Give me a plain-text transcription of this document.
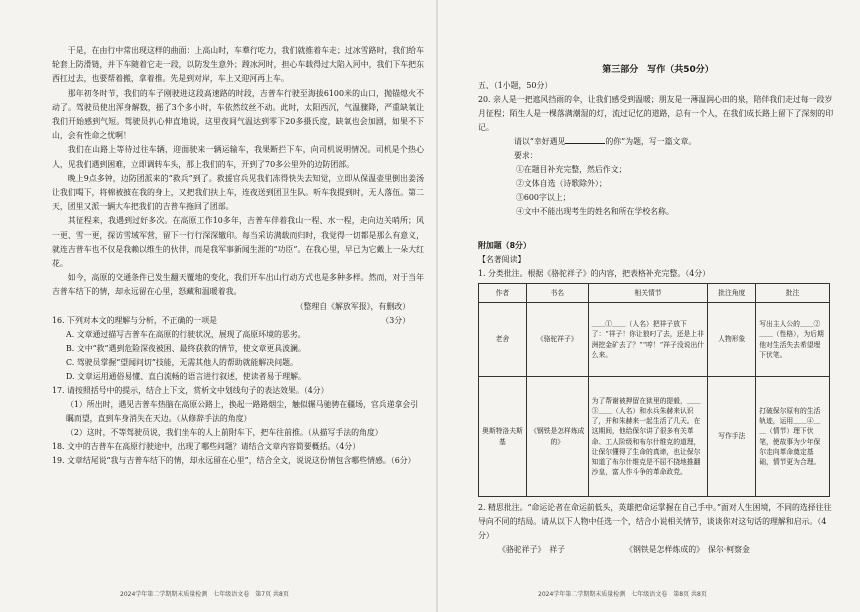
于是，在由行中常出现这样的曲面：上高山时，车羣行吃力，我们就推着车走；过冰雪路时，我们给车轮套上防滑链，并下车随着它走一段，以防发生意外；蹚冰河时，担心车载得过大陷入河中，我们下车把东西扛过去，也要帮着搬，拿着推。先是到对岸，车上又迎河再上车。

那年初冬时节，我们的车子刚驶进这段高速路的时段，吉普车行驶至海拔6100米的山口，抛锚熄火不动了。驾驶员使出浑身解数，摇了3个多小时，车依然纹丝不动。此时，太阳西沉，气温骤降，严重缺氧让我们开始感到气短。驾驶员扒心伸直地说，这里夜间气温达到零下20多摄氏度，缺氧也会加剧，如果不下山，会有性命之忧啊！

我们在山路上等待过往车辆，迎面驶来一辆运输车，我果断拦下车，向司机说明情况。司机是个热心人，见我们遇到困难，立即调转车头，那上我们的车，开到了70多公里外的边防团部。

晚上9点多钟，边防团派来的“救兵”到了。救援官兵见我们冻得快失去知觉，立即从保温壶里倒出姜汤让我们喝下，将棉被披在我的身上，又把我们扶上车，连夜送到团卫生队。听车我提到时，无人落伍。第二天，团里又派一辆大车把我们的吉普车拖回了团部。

其征程来，我遇到过好多次。在高原工作10多年，吉普车伴着我山一程、水一程，走向边关哨所；风一更、雪一更，探访雪域军营，留下一行行深深辙印。每当采访满载而归时，我觉得一切都是那么有意义，就连吉普车也不仅是我赖以维生的伙伴，而是我军事新闻生涯的“功臣”。在我心里，早已为它戴上一朵大红花。

如今，高原的交通条件已发生翻天覆地的变化，我们开车出山行动方式也是多种多样。然而，对于当年吉普车结下的情，却永远留在心里，怒藏和温暖着我。

（整理自《解放军报》，有删改）

16. 下列对本文的理解与分析，不正确的一项是	（3分）

A. 文章通过描写吉普车在高原的行驶状况，展现了高原环境的恶劣。

B. 文中“救”遇到危险深夜被困、最终获救的情节，使文章更具波澜。

C. 驾驶员掌握“望闻问切”技能，无需其他人的帮助就能解决问题。

D. 文章运用通俗易懂、直白流畅的语言进行叙述，使读者易于理解。

17. 请按照括号中的提示，结合上下文，赏析文中划线句子的表达效果。（4分）

（1）所出时，遇见吉普车热脑在高原公路上，换起一路路烟尘，触似辗马驰骋在疆场，官兵递拿会引瞩而望，直到车身消失在天边。（从修辞手法的角度）

（2）这时，不等驾驶员说，我们坐车的人上前附车下，把车往前推。（从描写手法的角度）

18. 文中的吉普车在高原行驶途中，出现了哪些问题？请结合文章内容简要概括。（4分）

19. 文章结尾说“我与吉普车结下的情，却永远留在心里”，结合全文，说说这份情包含哪些情感。（6分）

2024学年第二学期期末质量检测　七年级语文卷　第7页 共8页

第三部分　写作（共50分）

五、（1小题，50分）

20. 亲人是一把遮风挡雨的伞，让我们感受到温暖；朋友是一薄温润心田的泉，陪伴我们走过每一段岁月征程；陌生人是一棵落满潮湿的灯，流过记忆的道路，总有一个人，在我们成长路上留下了深刻的印记。

请以“幸好遇见	的你”为题，写一篇文章。

要求：

①在题目补充完整，然后作文；

②文体自选（诗歌除外）；

③600字以上；

④文中不能出现考生的姓名和所在学校名称。

附加题（8分）

【名著阅读】

1. 分类批注。根据《骆驼祥子》的内容，把表格补充完整。（4分）

作者	书名	相关情节	批注角度	批注
老舍	《骆驼祥子》	＿＿①＿＿（人名）把祥子放下了：“祥子！你让狼叼了去，还是上非洲挖金矿去了？”“哼！”祥子没说出什么来。	人物形象	写出主人公的＿＿②＿＿（性格），为后期他对生活失去希望埋下伏笔。
奥斯特洛夫斯基	《钢铁是怎样炼成的》	为了帮谢被押留在狱里的提毅，＿＿③＿＿（人名）和水兵朱赫来认识了，并和朱赫来一起生活了几天。在这期间，他给保尔讲了很多有关革命、工人阶级和布尔什维克的道理，让保尔懂得了生命的真谛，也让保尔知道了布尔什维克是不屈不挠地推翻沙皇，富人作斗争的革命政党。	写作手法	打破保尔原有的生活轨迹，运用＿＿④＿＿（情节）理下伏笔，使故事为少年保尔走向革命奠定基础，情节更为合理。

2. 精思批注。“命运论者在命运前低头，英雄把命运掌握在自己手中。”面对人生困境，不同的选择往往导向不同的结局。请从以下人物中任选一个，结合小说相关情节，谈谈你对这句话的理解和启示。（4分）

《骆驼祥子》　祥子	《钢铁是怎样炼成的》　保尔·柯察金
2024学年第二学期期末质量检测　七年级语文卷　第8页 共8页
